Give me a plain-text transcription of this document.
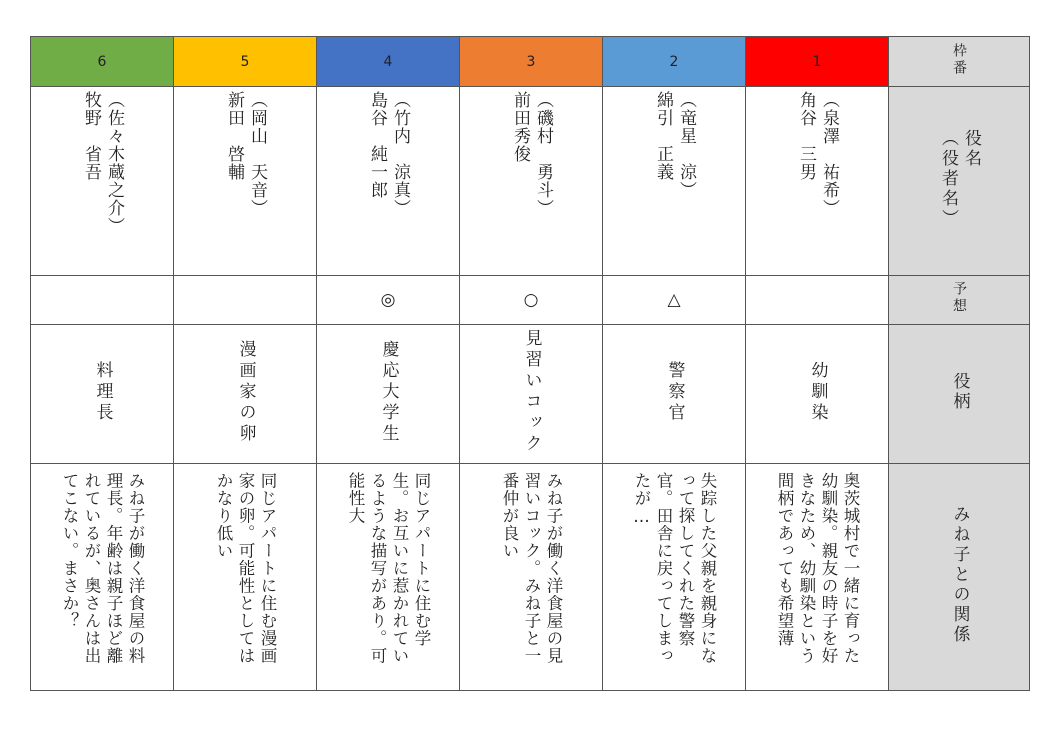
6	5	4	3	2	1	枠番

牧野　省吾 （佐々木蔵之介）	新田　啓輔 （岡山　天音）	島谷　純一郎 （竹内　涼真）	前田秀俊 （磯村　勇斗）	綿引　正義 （竜星　涼）	角谷　三男 （泉澤　祐希）	役名
（役者名）
		◎	○	△		予想
料理長	漫画家の卵	慶応大学生	見習いコック	警察官	幼馴染	役柄

みね子が働く洋食屋の料理長。年齢は親子ほど離れているが、奥さんは出てこない。まさか？	同じアパートに住む漫画家の卵。可能性としてはかなり低い	同じアパートに住む学生。お互いに惹かれているような描写があり。可能性大	みね子が働く洋食屋の見習いコック。みね子と一番仲が良い	失踪した父親を親身になって探してくれた警察官。田舎に戻ってしまったが…	奥茨城村で一緒に育った幼馴染。親友の時子を好きなため、幼馴染という間柄であっても希望薄	みね子との関係
